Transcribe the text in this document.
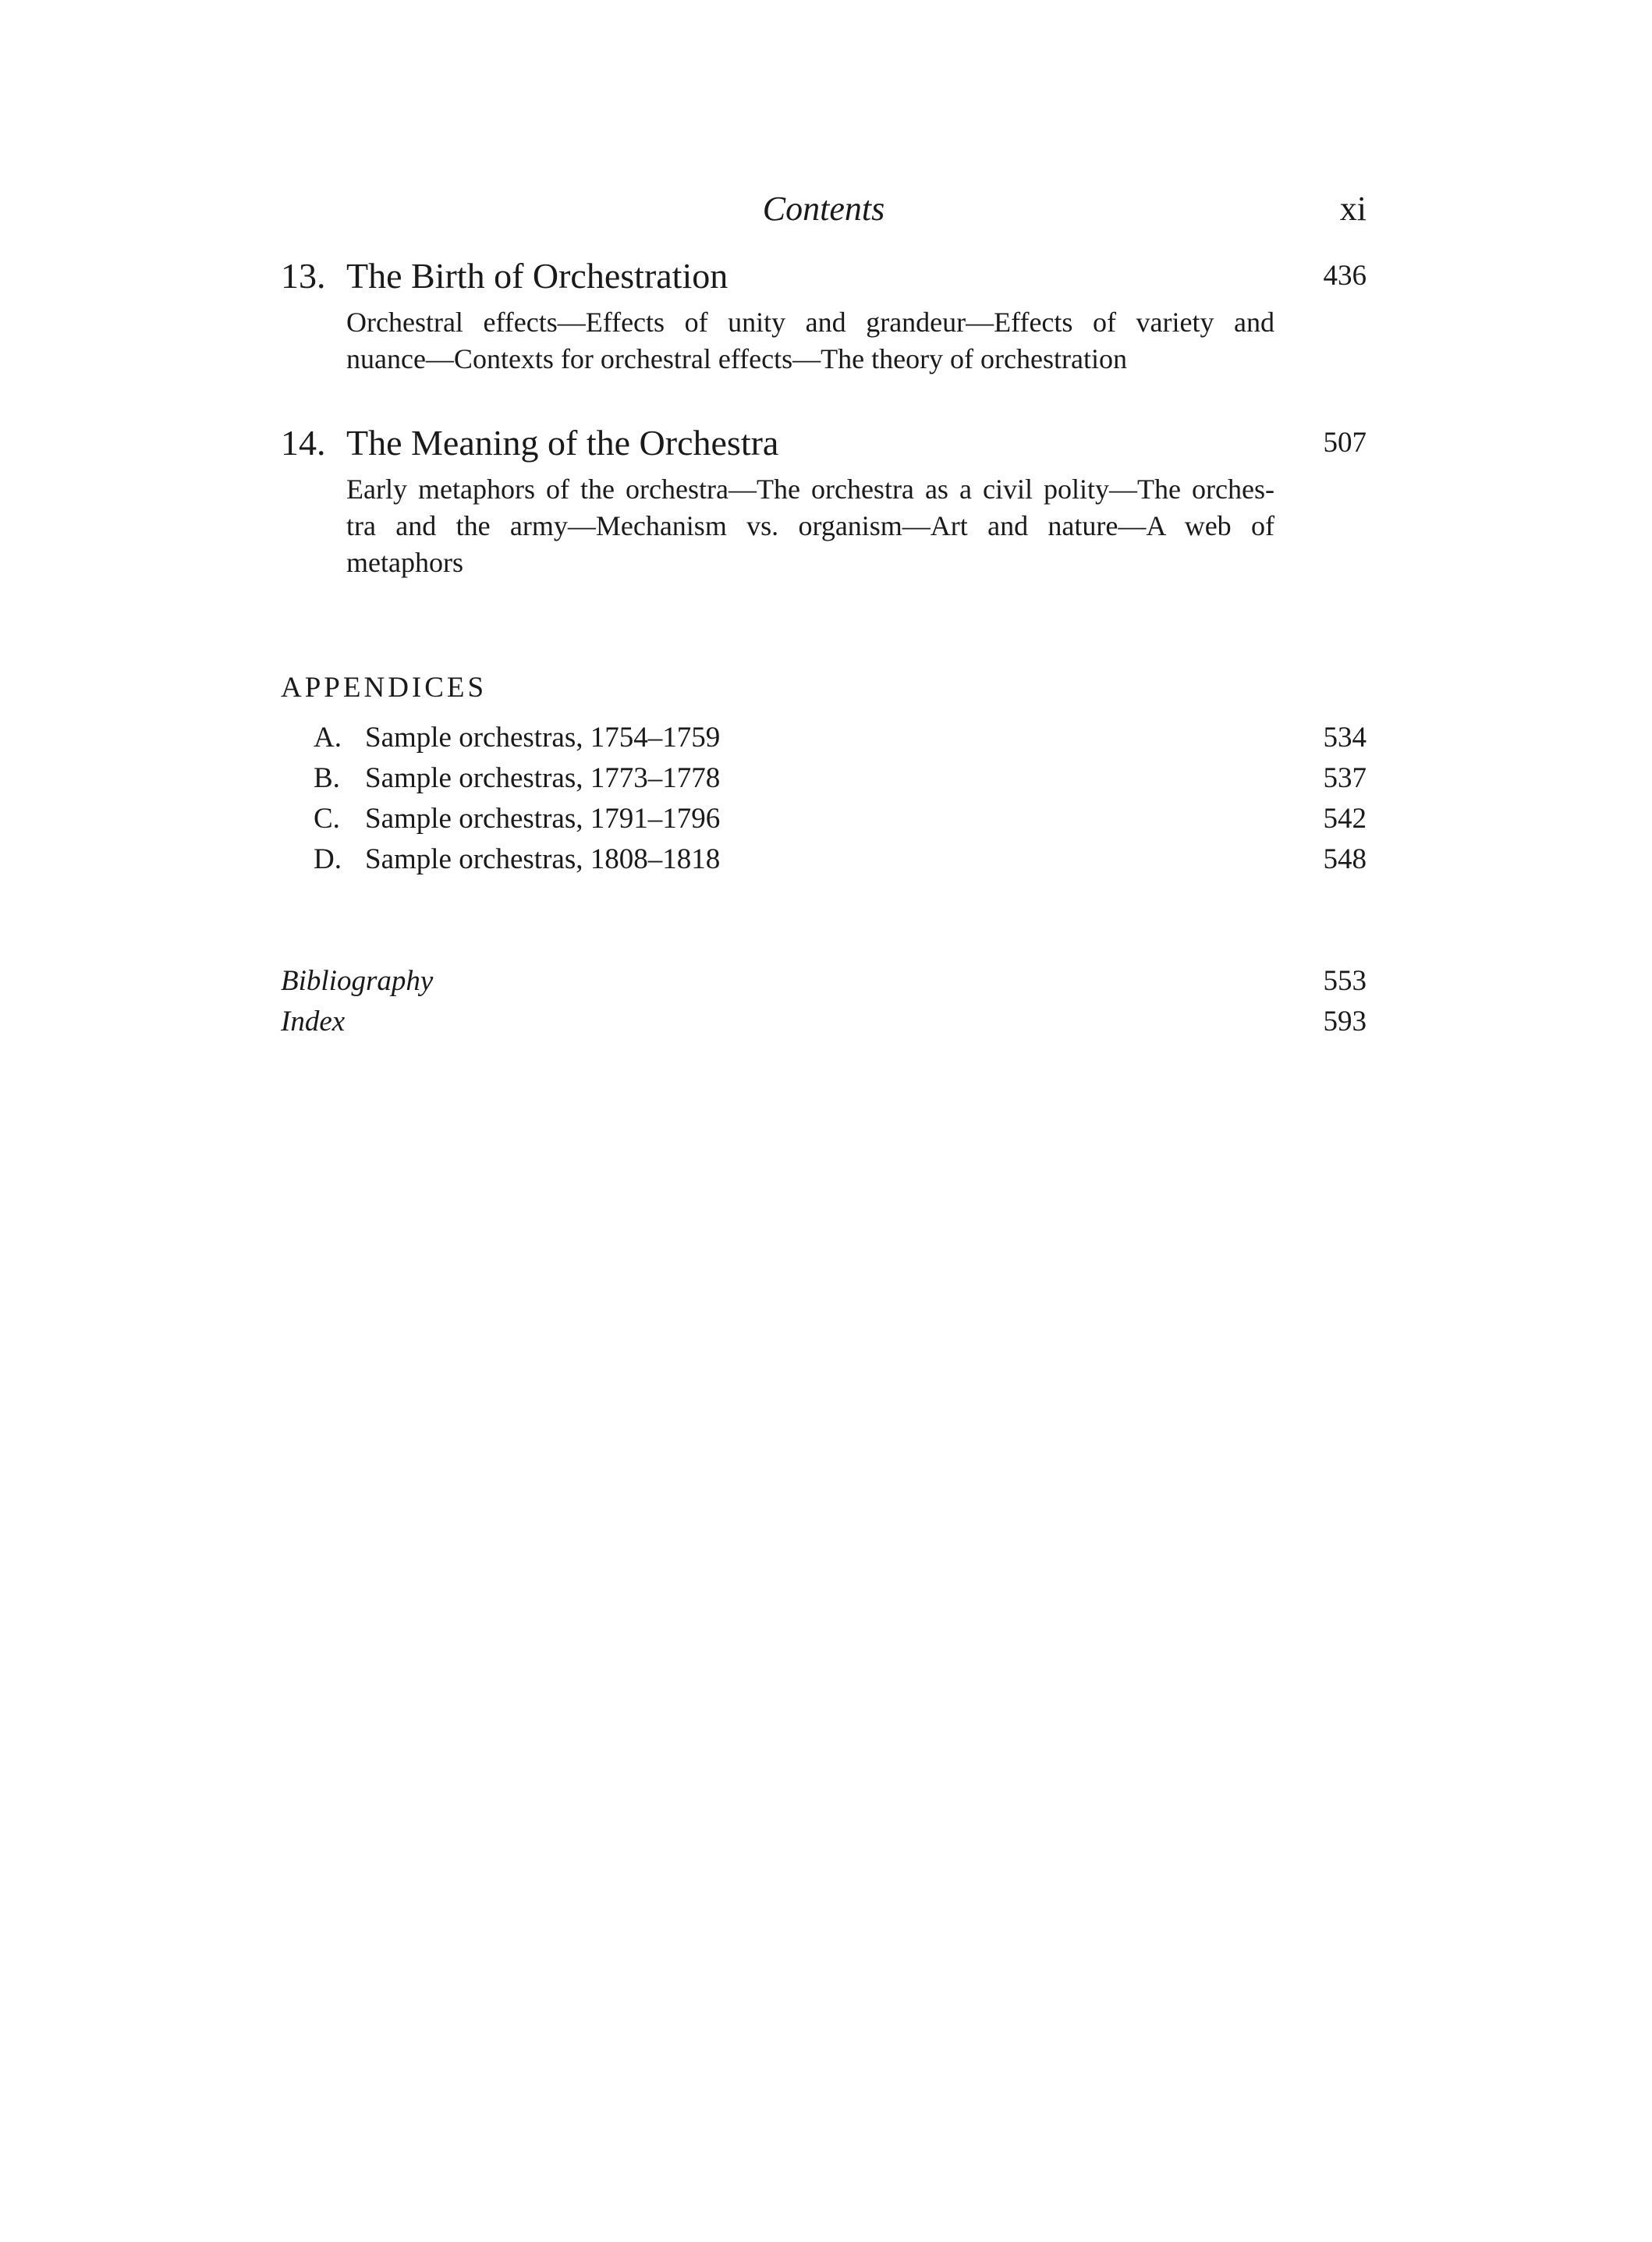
Contents	xi
13. The Birth of Orchestration	436
Orchestral effects—Effects of unity and grandeur—Effects of variety and
nuance—Contexts for orchestral effects—The theory of orchestration
14. The Meaning of the Orchestra	507
Early metaphors of the orchestra—The orchestra as a civil polity—The orches-
tra and the army—Mechanism vs. organism—Art and nature—A web of
metaphors
APPENDICES
A. Sample orchestras, 1754–1759	534
B. Sample orchestras, 1773–1778	537
C. Sample orchestras, 1791–1796	542
D. Sample orchestras, 1808–1818	548
Bibliography	553
Index	593
